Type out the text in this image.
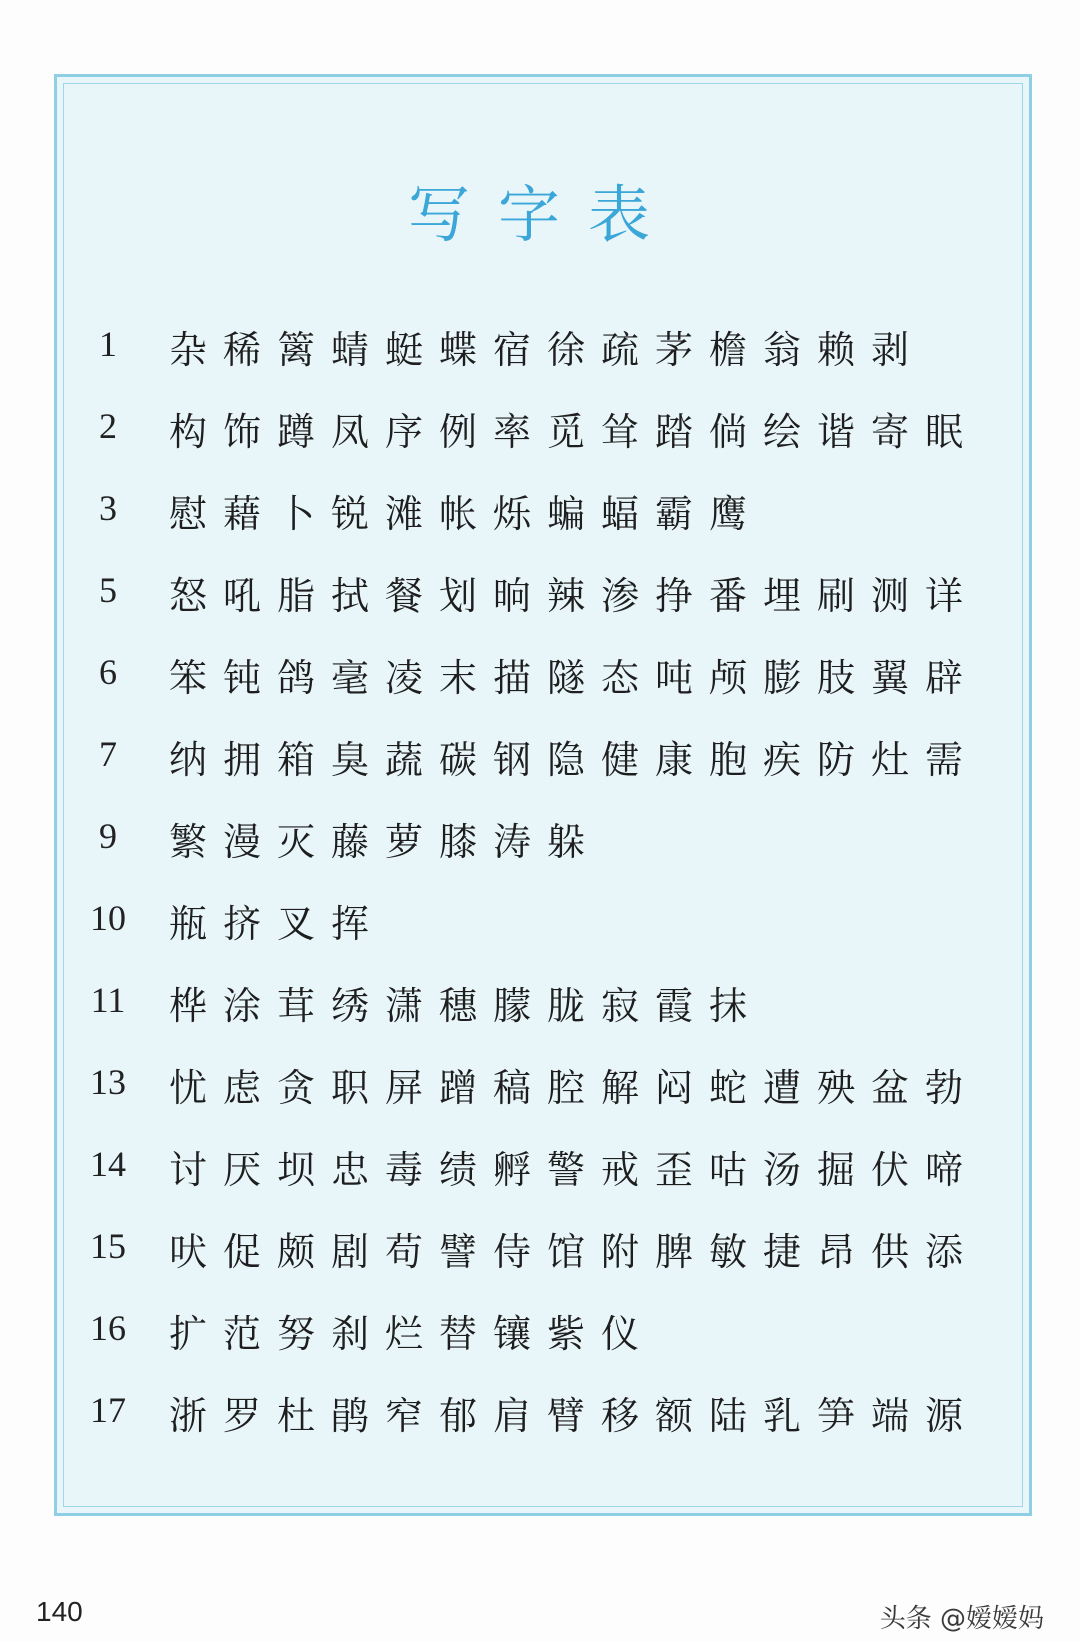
写字表
1	杂稀篱蜻蜓蝶宿徐疏茅檐翁赖剥
2	构饰蹲凤序例率觅耸踏倘绘谐寄眠
3	慰藉卜锐滩帐烁蝙蝠霸鹰
5	怒吼脂拭餐划晌辣渗挣番埋刷测详
6	笨钝鸽毫凌末描隧态吨颅膨肢翼辟
7	纳拥箱臭蔬碳钢隐健康胞疾防灶需
9	繁漫灭藤萝膝涛躲
10	瓶挤叉挥
11	桦涂茸绣潇穗朦胧寂霞抹
13	忧虑贪职屏蹭稿腔解闷蛇遭殃盆勃
14	讨厌坝忠毒绩孵警戒歪咕汤掘伏啼
15	吠促颇剧苟譬侍馆附脾敏捷昂供添
16	扩范努刹烂替镶紫仪
17	浙罗杜鹃窄郁肩臂移额陆乳笋端源
140	头条 @嫒嫒妈
